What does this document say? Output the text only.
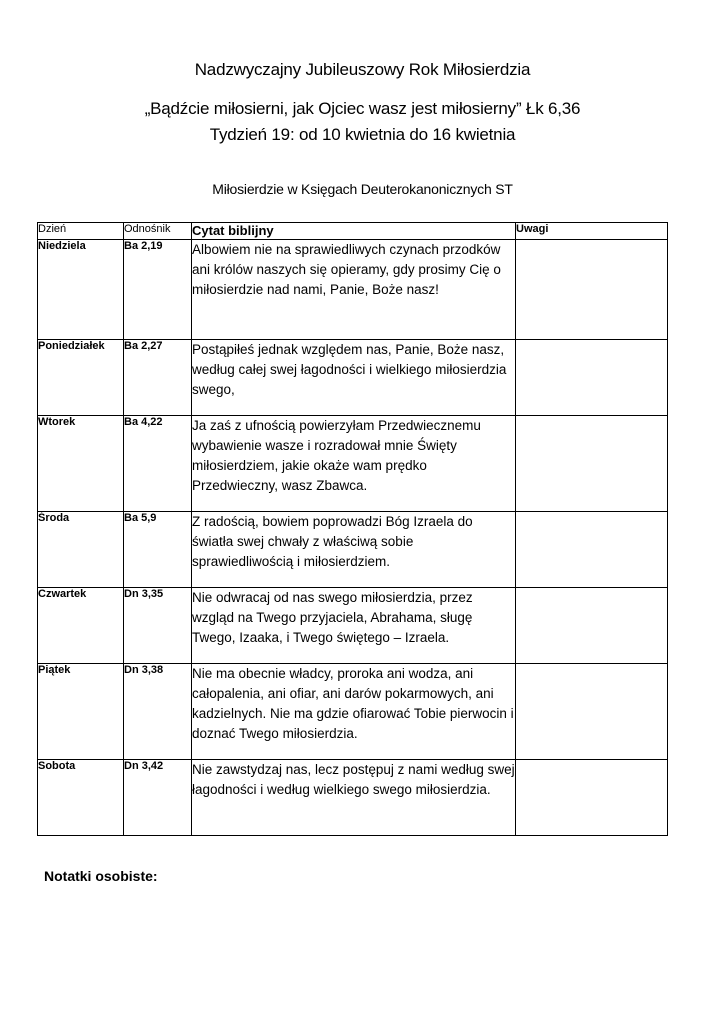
Nadzwyczajny Jubileuszowy Rok Miłosierdzia
„Bądźcie miłosierni, jak Ojciec wasz jest miłosierny” Łk 6,36
Tydzień 19: od 10 kwietnia do 16 kwietnia
Miłosierdzie w Księgach Deuterokanonicznych ST
Dzień	Odnośnik	Cytat biblijny	Uwagi
Niedziela	Ba 2,19	Albowiem nie na sprawiedliwych czynach przodków ani królów naszych się opieramy, gdy prosimy Cię o miłosierdzie nad nami, Panie, Boże nasz!	
Poniedziałek	Ba 2,27	Postąpiłeś jednak względem nas, Panie, Boże nasz, według całej swej łagodności i wielkiego miłosierdzia swego,	
Wtorek	Ba 4,22	Ja zaś z ufnością powierzyłam Przedwiecznemu wybawienie wasze i rozradował mnie Święty miłosierdziem, jakie okaże wam prędko Przedwieczny, wasz Zbawca.	
Środa	Ba 5,9	Z radością, bowiem poprowadzi Bóg Izraela do światła swej chwały z właściwą sobie sprawiedliwością i miłosierdziem.	
Czwartek	Dn 3,35	Nie odwracaj od nas swego miłosierdzia, przez wzgląd na Twego przyjaciela, Abrahama, sługę Twego, Izaaka, i Twego świętego – Izraela.	
Piątek	Dn 3,38	Nie ma obecnie władcy, proroka ani wodza, ani całopalenia, ani ofiar, ani darów pokarmowych, ani kadzielnych. Nie ma gdzie ofiarować Tobie pierwocin i doznać Twego miłosierdzia.	
Sobota	Dn 3,42	Nie zawstydzaj nas, lecz postępuj z nami według swej łagodności i według wielkiego swego miłosierdzia.	
Notatki osobiste:
